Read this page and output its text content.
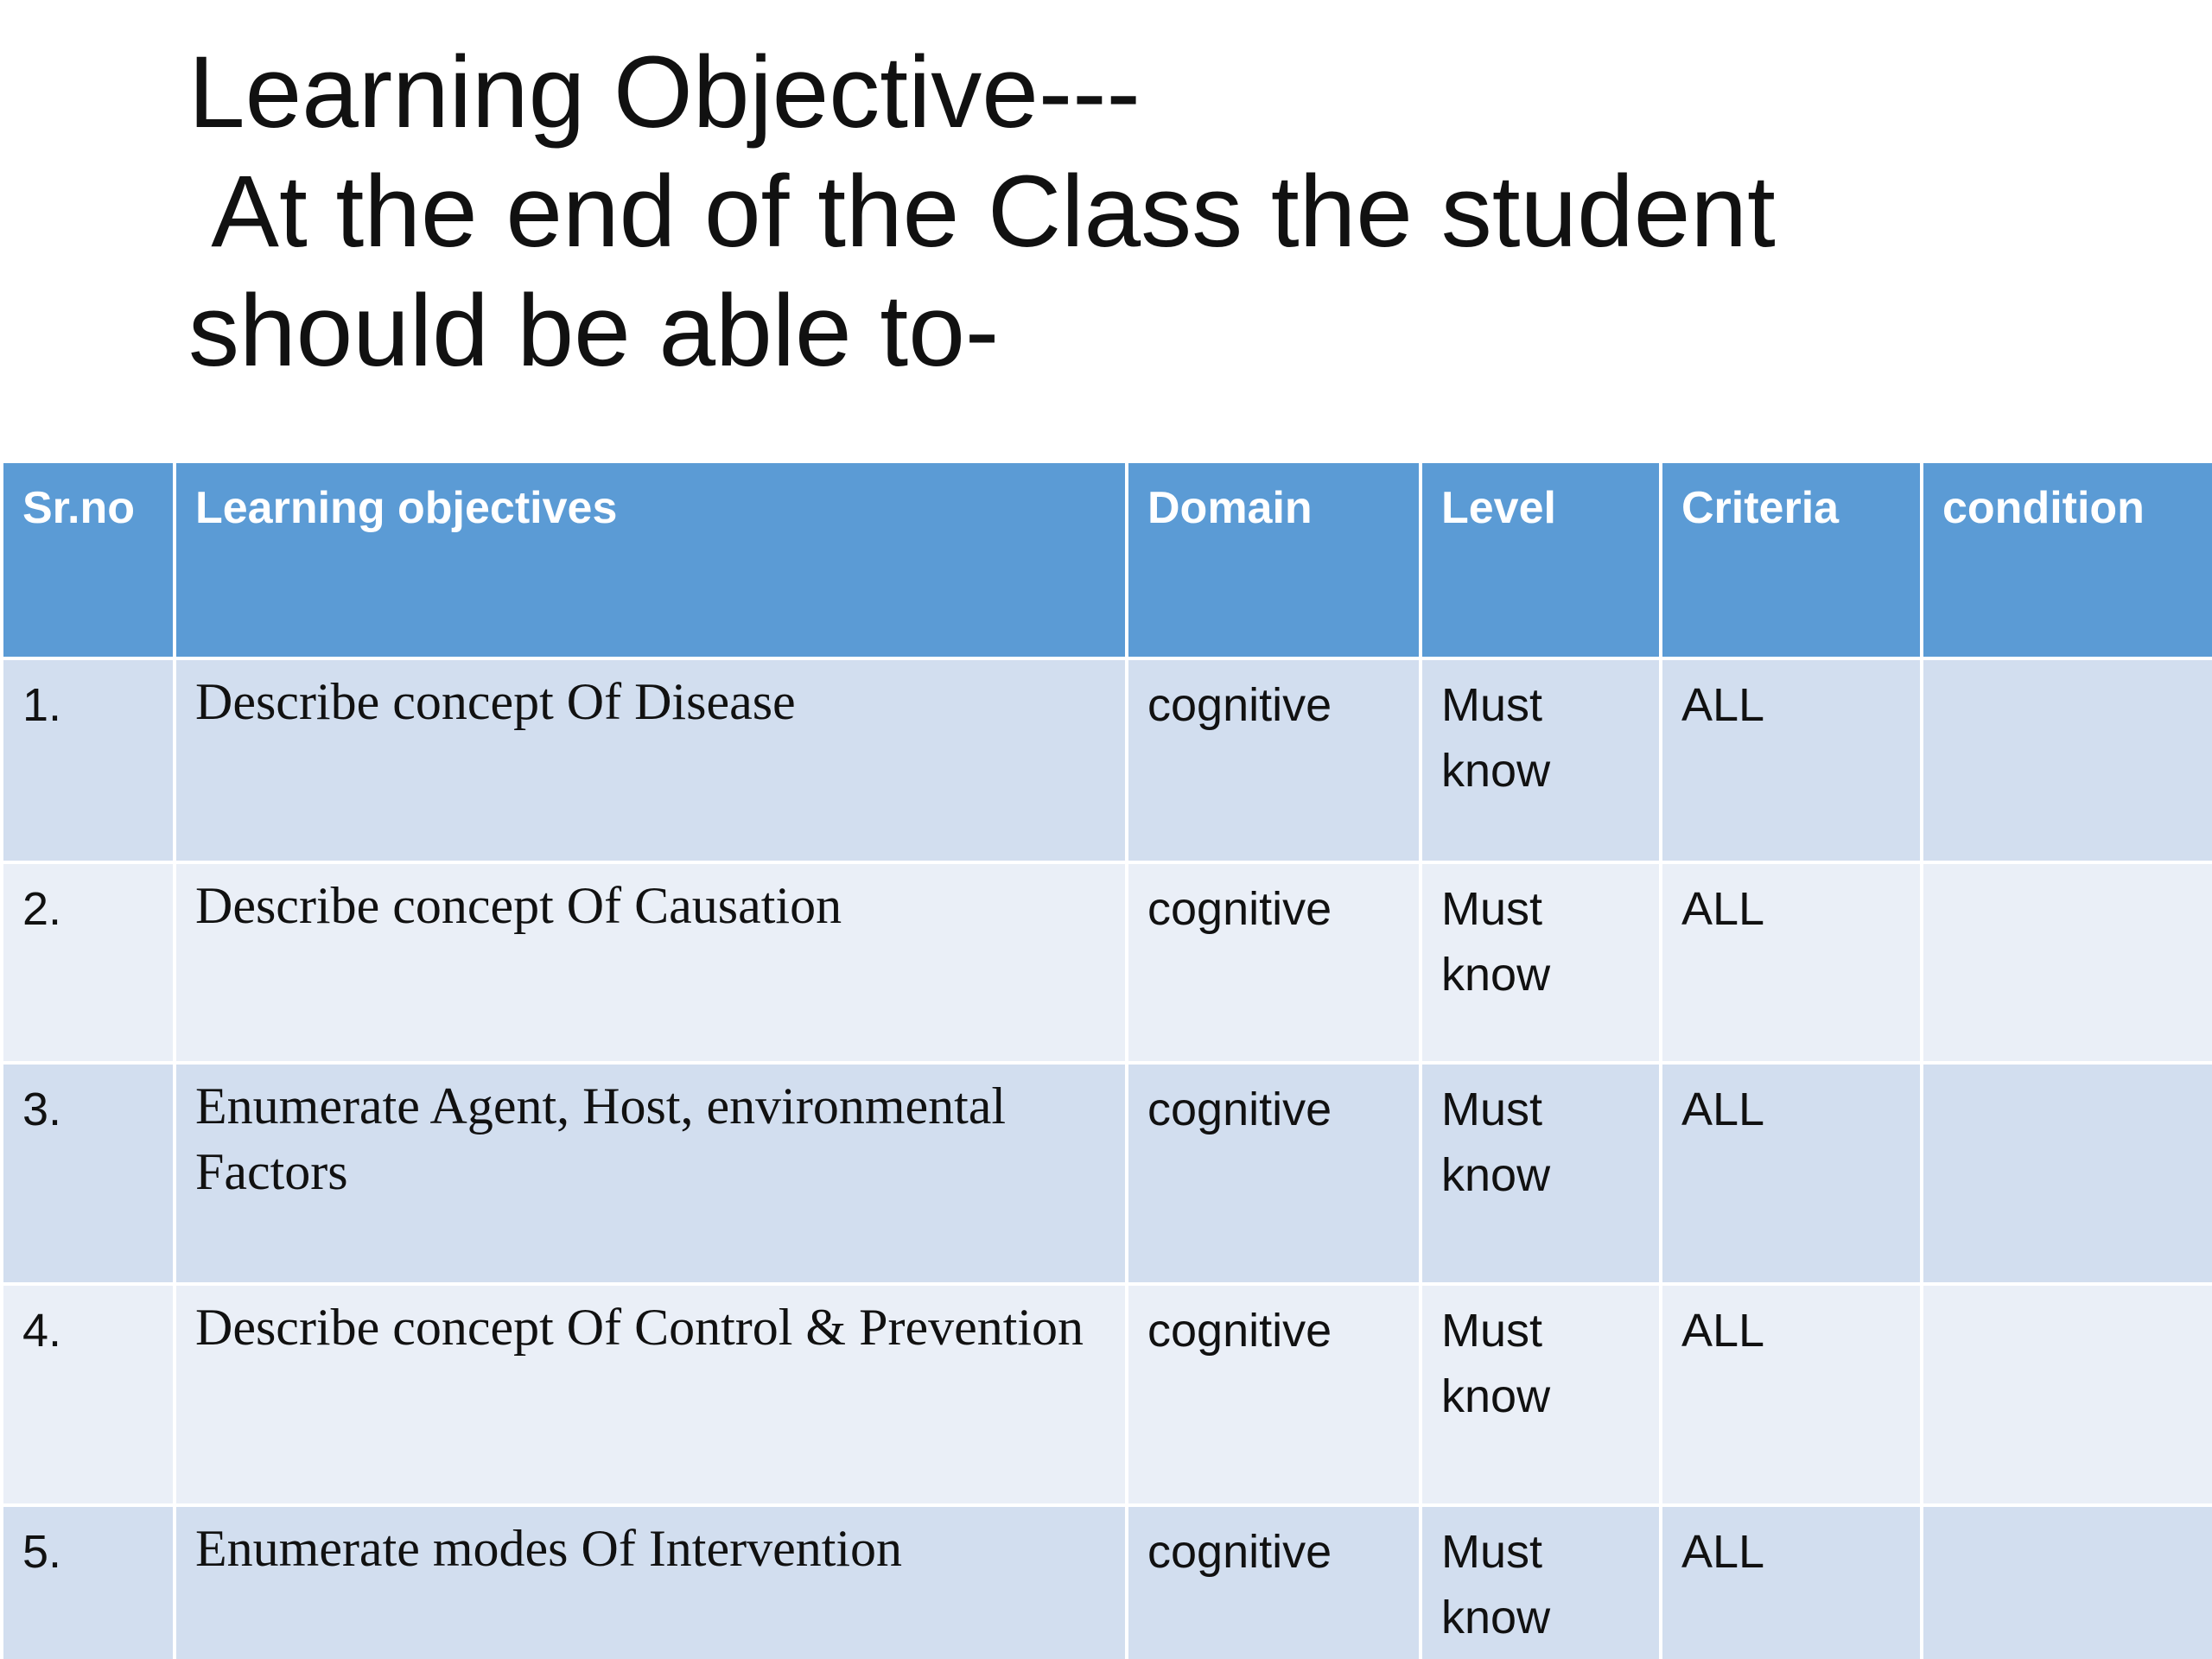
Learning Objective---
At the end of the Class the student
should be able to-
Sr.no	Learning objectives	Domain	Level	Criteria	condition
1.	Describe concept Of Disease	cognitive	Must know	ALL	
2.	Describe concept Of Causation	cognitive	Must know	ALL	
3.	Enumerate Agent, Host, environmental Factors	cognitive	Must know	ALL	
4.	Describe concept Of Control & Prevention	cognitive	Must know	ALL	
5.	Enumerate modes Of Intervention	cognitive	Must know	ALL	
